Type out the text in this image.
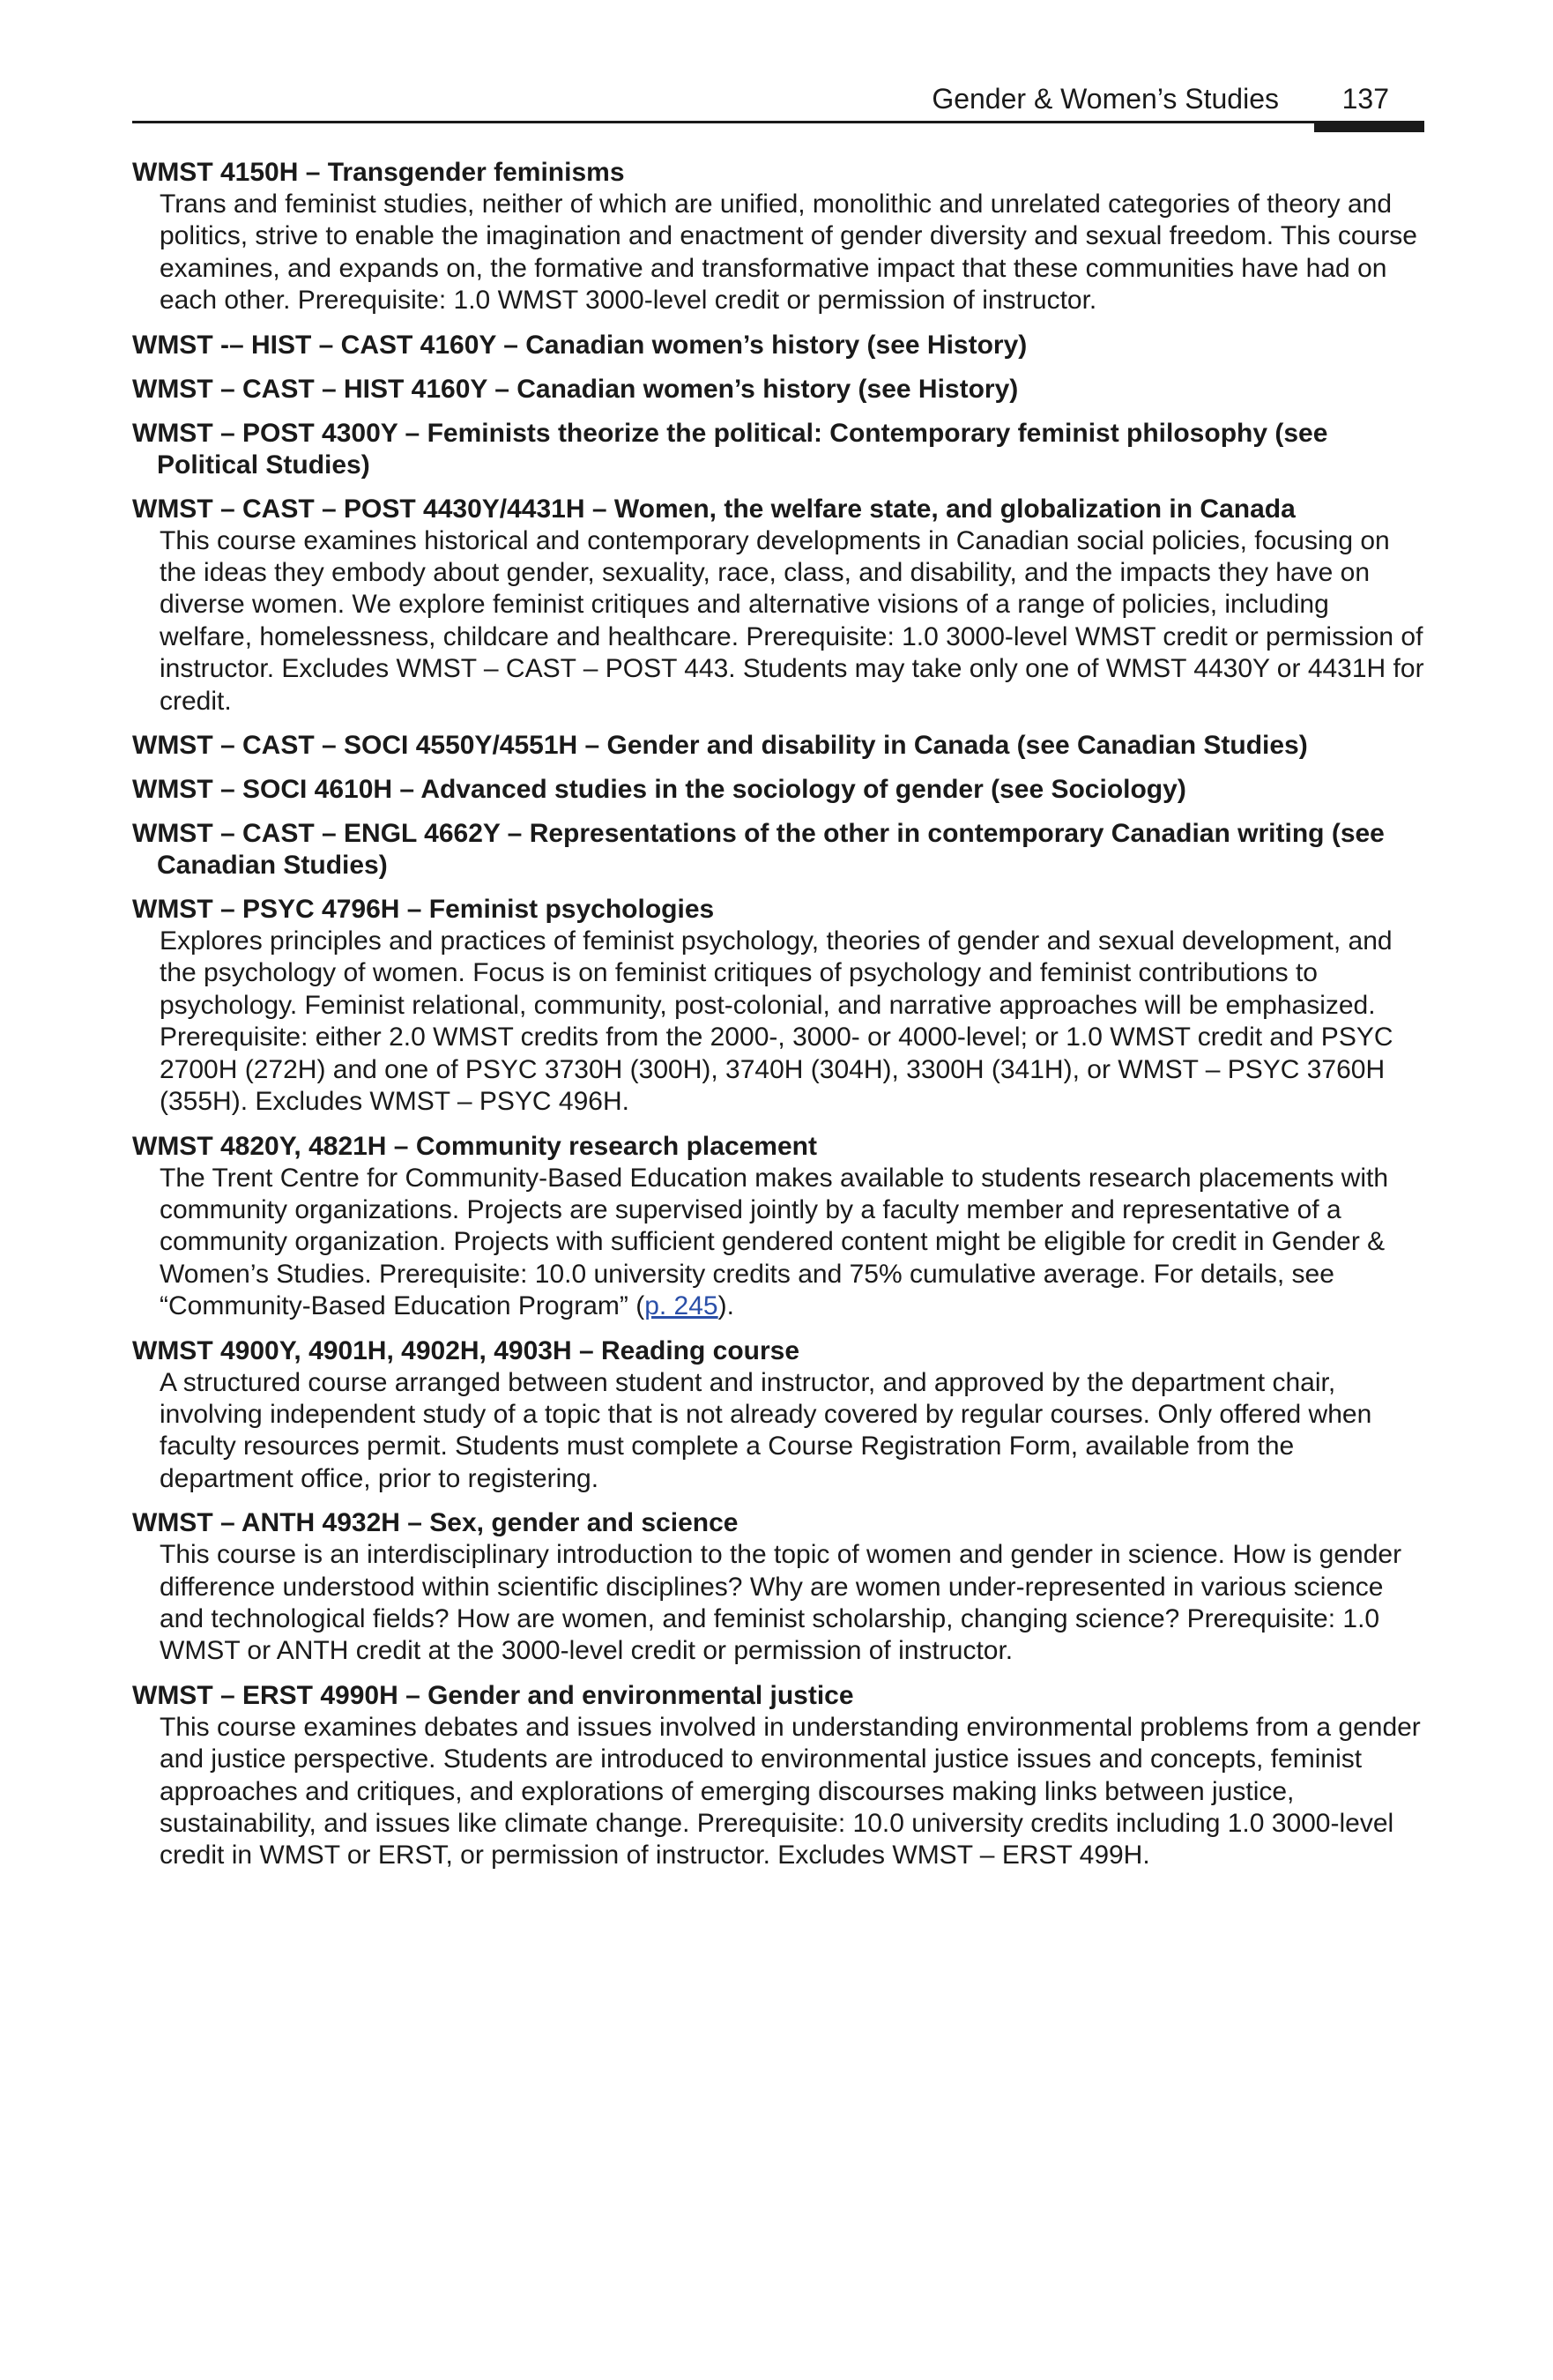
Gender & Women’s Studies 137
WMST 4150H – Transgender feminisms
Trans and feminist studies, neither of which are unified, monolithic and unrelated categories of theory and politics, strive to enable the imagination and enactment of gender diversity and sexual freedom. This course examines, and expands on, the formative and transformative impact that these communities have had on each other. Prerequisite: 1.0 WMST 3000-level credit or permission of instructor.
WMST -– HIST – CAST 4160Y – Canadian women’s history (see History)
WMST – CAST – HIST 4160Y – Canadian women’s history (see History)
WMST – POST 4300Y – Feminists theorize the political: Contemporary feminist philosophy (see Political Studies)
WMST – CAST – POST 4430Y/4431H – Women, the welfare state, and globalization in Canada
This course examines historical and contemporary developments in Canadian social policies, focusing on the ideas they embody about gender, sexuality, race, class, and disability, and the impacts they have on diverse women. We explore feminist critiques and alternative visions of a range of policies, including welfare, homelessness, childcare and healthcare. Prerequisite: 1.0 3000-level WMST credit or permission of instructor. Excludes WMST – CAST – POST 443. Students may take only one of WMST 4430Y or 4431H for credit.
WMST – CAST – SOCI 4550Y/4551H – Gender and disability in Canada (see Canadian Studies)
WMST – SOCI 4610H – Advanced studies in the sociology of gender (see Sociology)
WMST – CAST – ENGL 4662Y – Representations of the other in contemporary Canadian writing (see Canadian Studies)
WMST – PSYC 4796H – Feminist psychologies
Explores principles and practices of feminist psychology, theories of gender and sexual development, and the psychology of women. Focus is on feminist critiques of psychology and feminist contributions to psychology. Feminist relational, community, post-colonial, and narrative approaches will be emphasized. Prerequisite: either 2.0 WMST credits from the 2000-, 3000- or 4000-level; or 1.0 WMST credit and PSYC 2700H (272H) and one of PSYC 3730H (300H), 3740H (304H), 3300H (341H), or WMST – PSYC 3760H (355H). Excludes WMST – PSYC 496H.
WMST 4820Y, 4821H – Community research placement
The Trent Centre for Community-Based Education makes available to students research placements with community organizations. Projects are supervised jointly by a faculty member and representative of a community organization. Projects with sufficient gendered content might be eligible for credit in Gender & Women’s Studies. Prerequisite: 10.0 university credits and 75% cumulative average. For details, see “Community-Based Education Program” (p. 245).
WMST 4900Y, 4901H, 4902H, 4903H – Reading course
A structured course arranged between student and instructor, and approved by the department chair, involving independent study of a topic that is not already covered by regular courses. Only offered when faculty resources permit. Students must complete a Course Registration Form, available from the department office, prior to registering.
WMST – ANTH 4932H – Sex, gender and science
This course is an interdisciplinary introduction to the topic of women and gender in science. How is gender difference understood within scientific disciplines? Why are women under-represented in various science and technological fields? How are women, and feminist scholarship, changing science? Prerequisite: 1.0 WMST or ANTH credit at the 3000-level credit or permission of instructor.
WMST – ERST 4990H – Gender and environmental justice
This course examines debates and issues involved in understanding environmental problems from a gender and justice perspective. Students are introduced to environmental justice issues and concepts, feminist approaches and critiques, and explorations of emerging discourses making links between justice, sustainability, and issues like climate change. Prerequisite: 10.0 university credits including 1.0 3000-level credit in WMST or ERST, or permission of instructor. Excludes WMST – ERST 499H.
